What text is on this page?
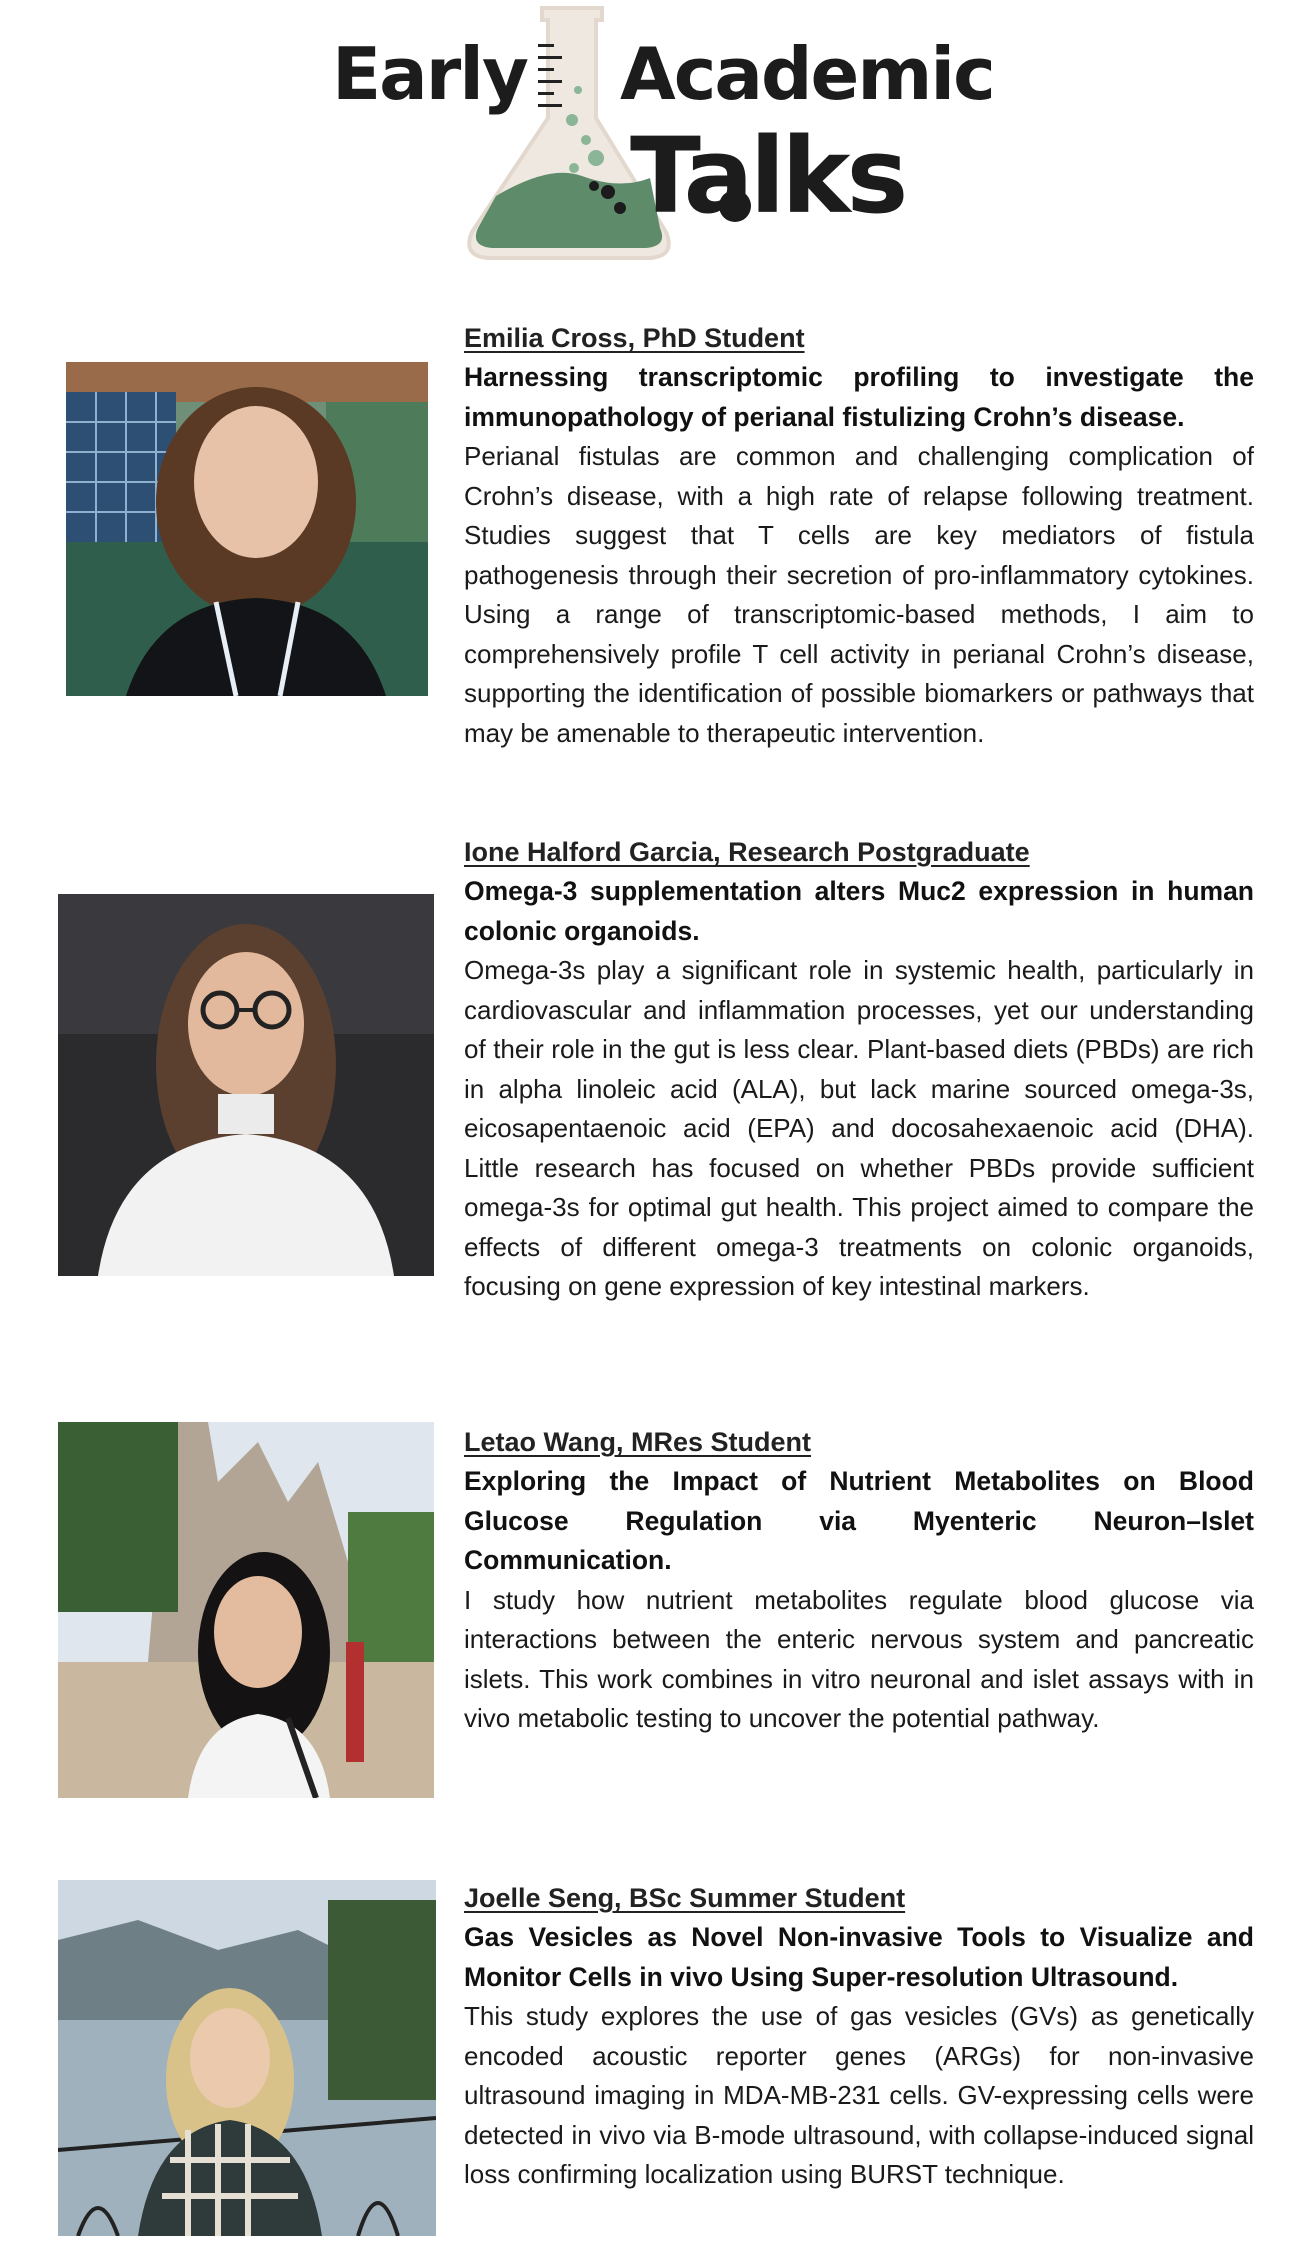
Early Academic
Talks

Emilia Cross, PhD Student

Harnessing transcriptomic profiling to investigate the immunopathology of perianal fistulizing Crohn’s disease.

Perianal fistulas are common and challenging complication of Crohn’s disease, with a high rate of relapse following treatment. Studies suggest that T cells are key mediators of fistula pathogenesis through their secretion of pro-inflammatory cytokines. Using a range of transcriptomic-based methods, I aim to comprehensively profile T cell activity in perianal Crohn’s disease, supporting the identification of possible biomarkers or pathways that may be amenable to therapeutic intervention.

Ione Halford Garcia, Research Postgraduate

Omega-3 supplementation alters Muc2 expression in human colonic organoids.

Omega-3s play a significant role in systemic health, particularly in cardiovascular and inflammation processes, yet our understanding of their role in the gut is less clear. Plant-based diets (PBDs) are rich in alpha linoleic acid (ALA), but lack marine sourced omega-3s, eicosapentaenoic acid (EPA) and docosahexaenoic acid (DHA). Little research has focused on whether PBDs provide sufficient omega-3s for optimal gut health. This project aimed to compare the effects of different omega-3 treatments on colonic organoids, focusing on gene expression of key intestinal markers.

Letao Wang, MRes Student

Exploring the Impact of Nutrient Metabolites on Blood Glucose Regulation via Myenteric Neuron–Islet Communication.

I study how nutrient metabolites regulate blood glucose via interactions between the enteric nervous system and pancreatic islets. This work combines in vitro neuronal and islet assays with in vivo metabolic testing to uncover the potential pathway.

Joelle Seng, BSc Summer Student

Gas Vesicles as Novel Non-invasive Tools to Visualize and Monitor Cells in vivo Using Super-resolution Ultrasound.

This study explores the use of gas vesicles (GVs) as genetically encoded acoustic reporter genes (ARGs) for non-invasive ultrasound imaging in MDA-MB-231 cells. GV-expressing cells were detected in vivo via B-mode ultrasound, with collapse-induced signal loss confirming localization using BURST technique.
